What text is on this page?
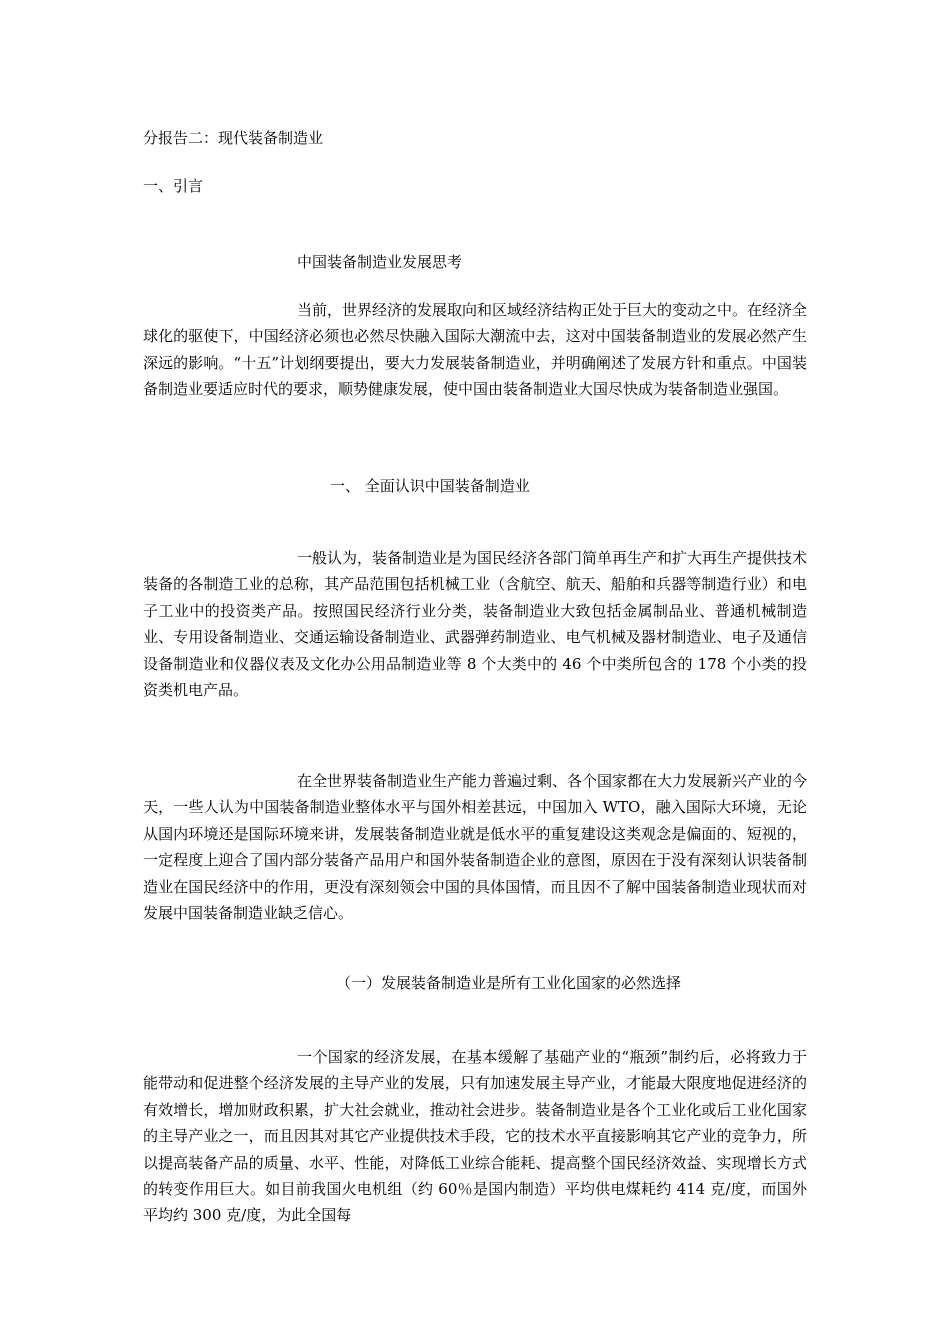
分报告二：现代装备制造业
一、引言
中国装备制造业发展思考

当前，世界经济的发展取向和区域经济结构正处于巨大的变动之中。在经济全球化的驱使下，中国经济必须也必然尽快融入国际大潮流中去，这对中国装备制造业的发展必然产生深远的影响。“十五”计划纲要提出，要大力发展装备制造业，并明确阐述了发展方针和重点。中国装备制造业要适应时代的要求，顺势健康发展，使中国由装备制造业大国尽快成为装备制造业强国。

一、 全面认识中国装备制造业

一般认为，装备制造业是为国民经济各部门简单再生产和扩大再生产提供技术装备的各制造工业的总称，其产品范围包括机械工业（含航空、航天、船舶和兵器等制造行业）和电子工业中的投资类产品。按照国民经济行业分类，装备制造业大致包括金属制品业、普通机械制造业、专用设备制造业、交通运输设备制造业、武器弹药制造业、电气机械及器材制造业、电子及通信设备制造业和仪器仪表及文化办公用品制造业等 8 个大类中的 46 个中类所包含的 178 个小类的投资类机电产品。

在全世界装备制造业生产能力普遍过剩、各个国家都在大力发展新兴产业的今天，一些人认为中国装备制造业整体水平与国外相差甚远，中国加入 WTO，融入国际大环境，无论从国内环境还是国际环境来讲，发展装备制造业就是低水平的重复建设这类观念是偏面的、短视的，一定程度上迎合了国内部分装备产品用户和国外装备制造企业的意图，原因在于没有深刻认识装备制造业在国民经济中的作用，更没有深刻领会中国的具体国情，而且因不了解中国装备制造业现状而对发展中国装备制造业缺乏信心。

（一）发展装备制造业是所有工业化国家的必然选择

一个国家的经济发展，在基本缓解了基础产业的“瓶颈”制约后，必将致力于能带动和促进整个经济发展的主导产业的发展，只有加速发展主导产业，才能最大限度地促进经济的有效增长，增加财政积累，扩大社会就业，推动社会进步。装备制造业是各个工业化或后工业化国家的主导产业之一，而且因其对其它产业提供技术手段，它的技术水平直接影响其它产业的竞争力，所以提高装备产品的质量、水平、性能，对降低工业综合能耗、提高整个国民经济效益、实现增长方式的转变作用巨大。如目前我国火电机组（约 60％是国内制造）平均供电煤耗约 414 克/度，而国外平均约 300 克/度，为此全国每
